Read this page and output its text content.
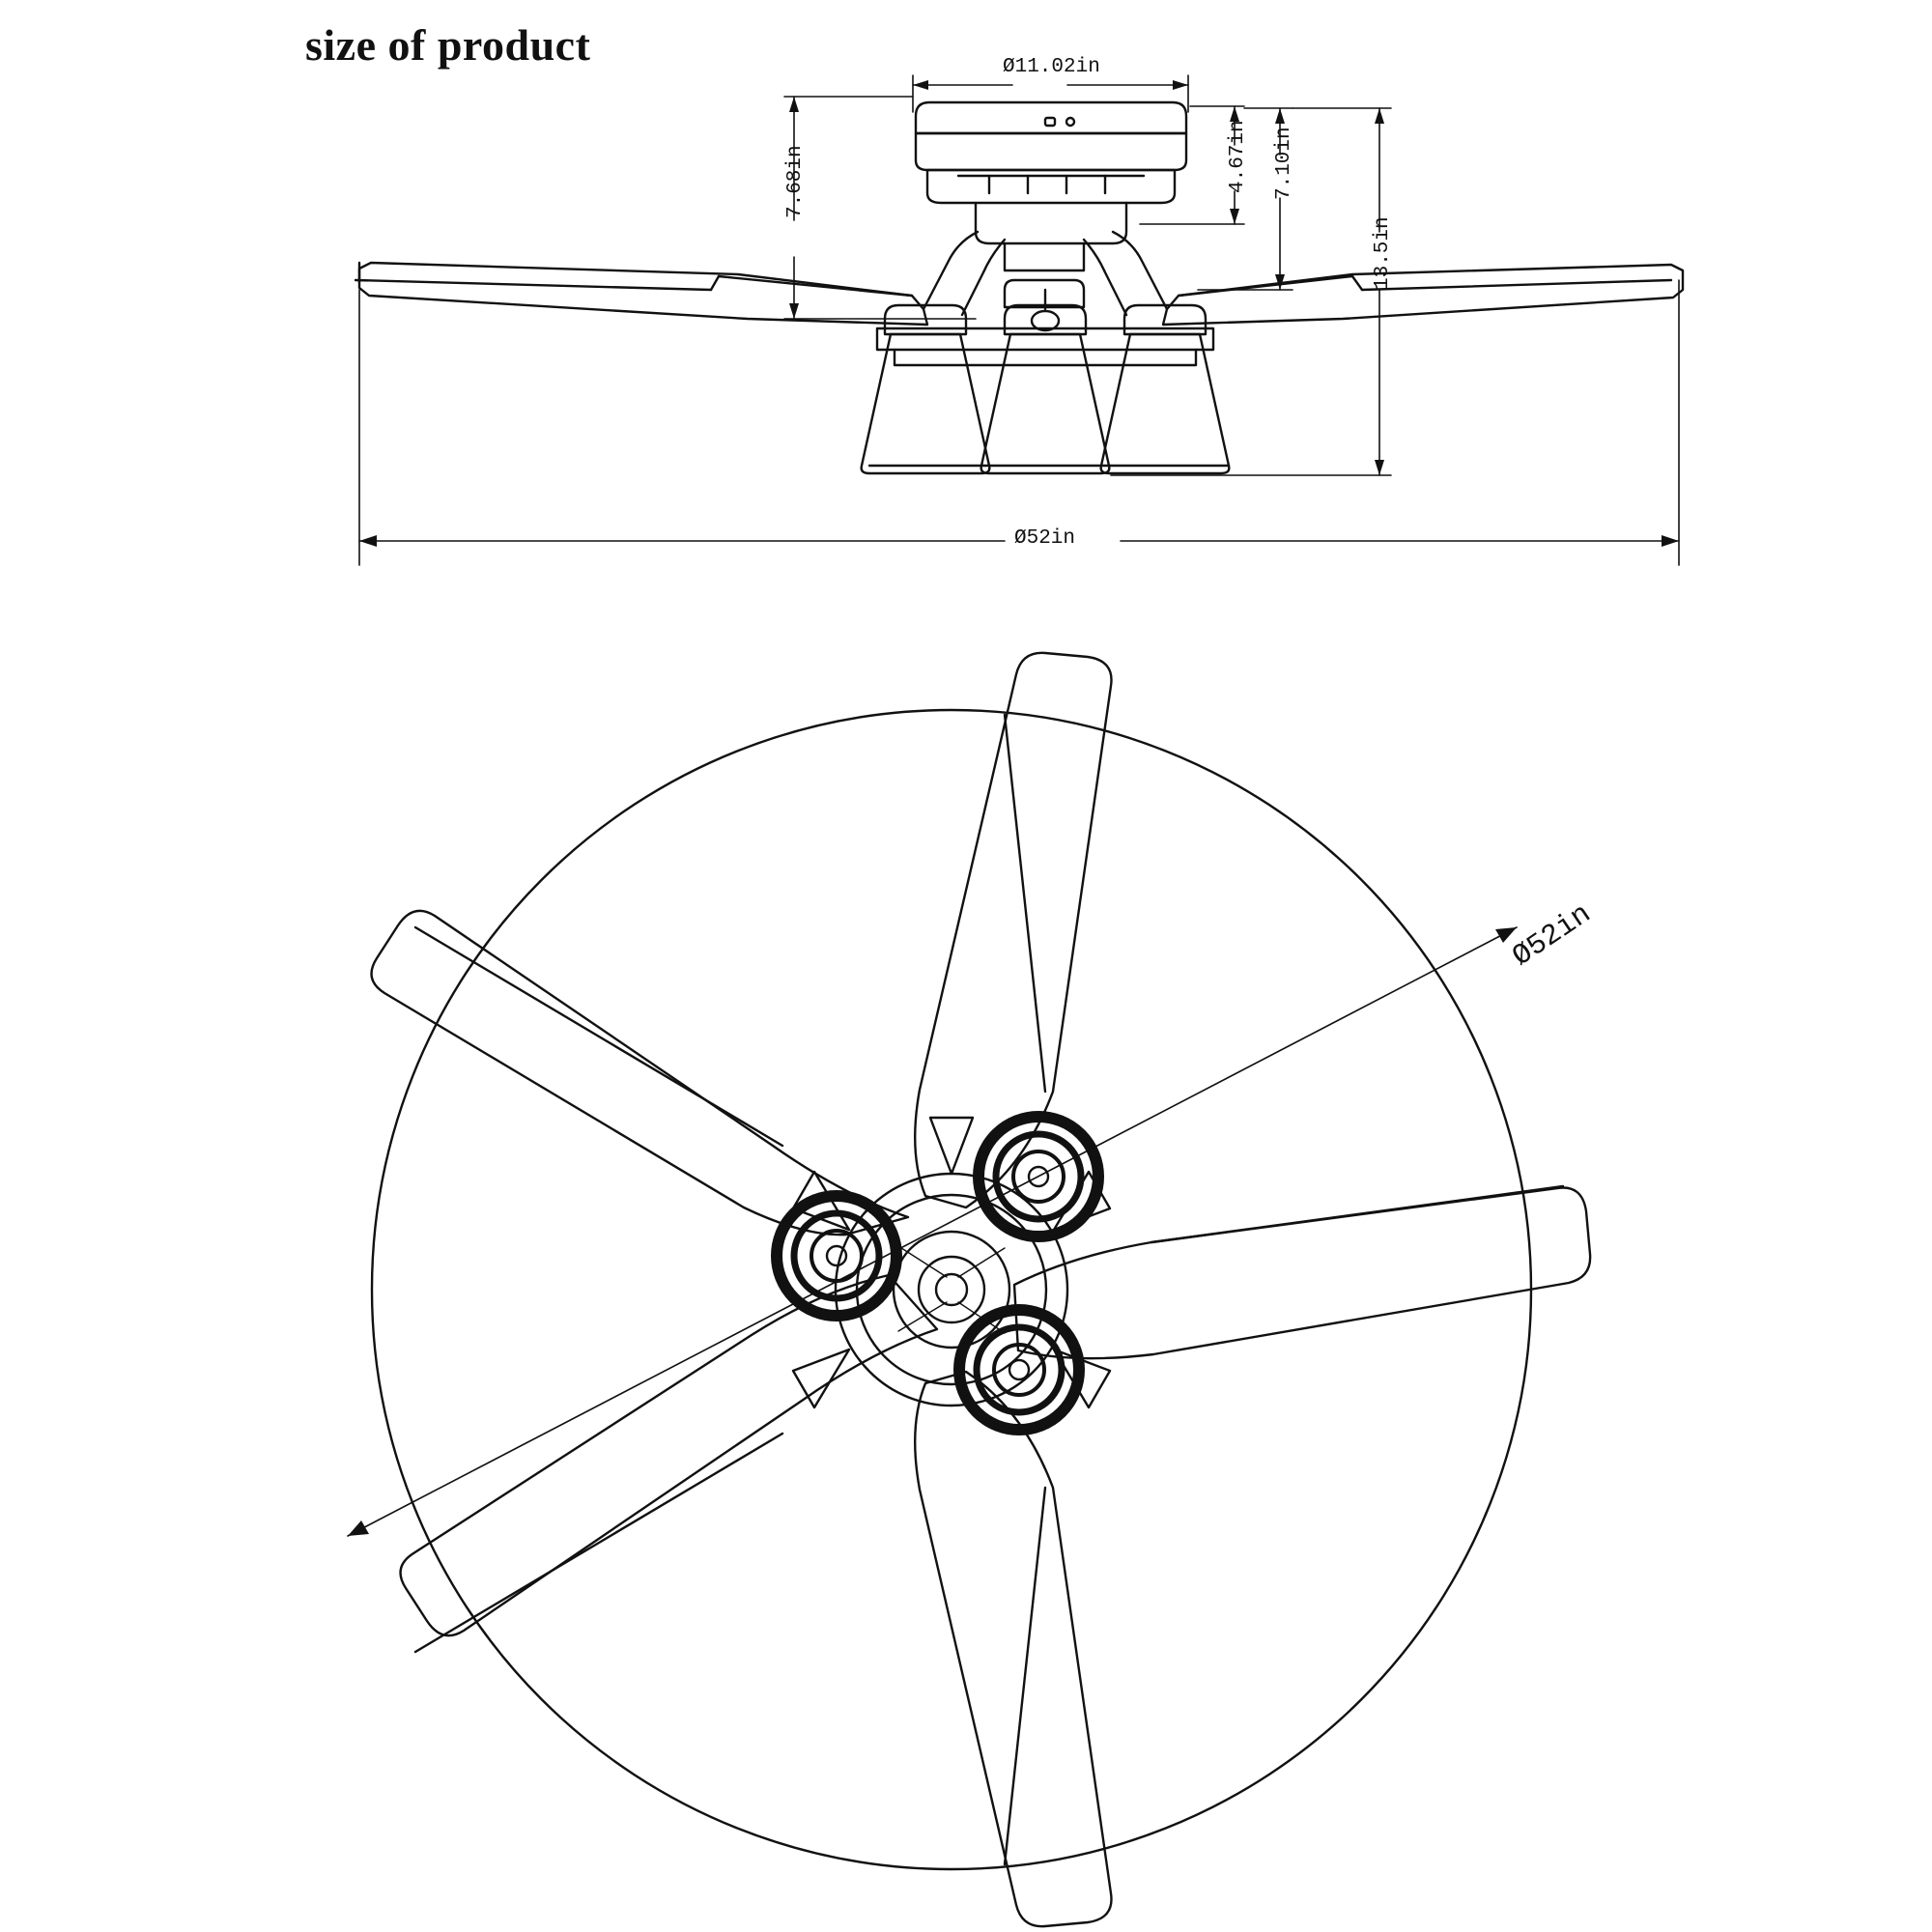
size of product	Ø11.02in
7.68in	4.67in 7.10in
13.5in
Ø52in
Ø52in
